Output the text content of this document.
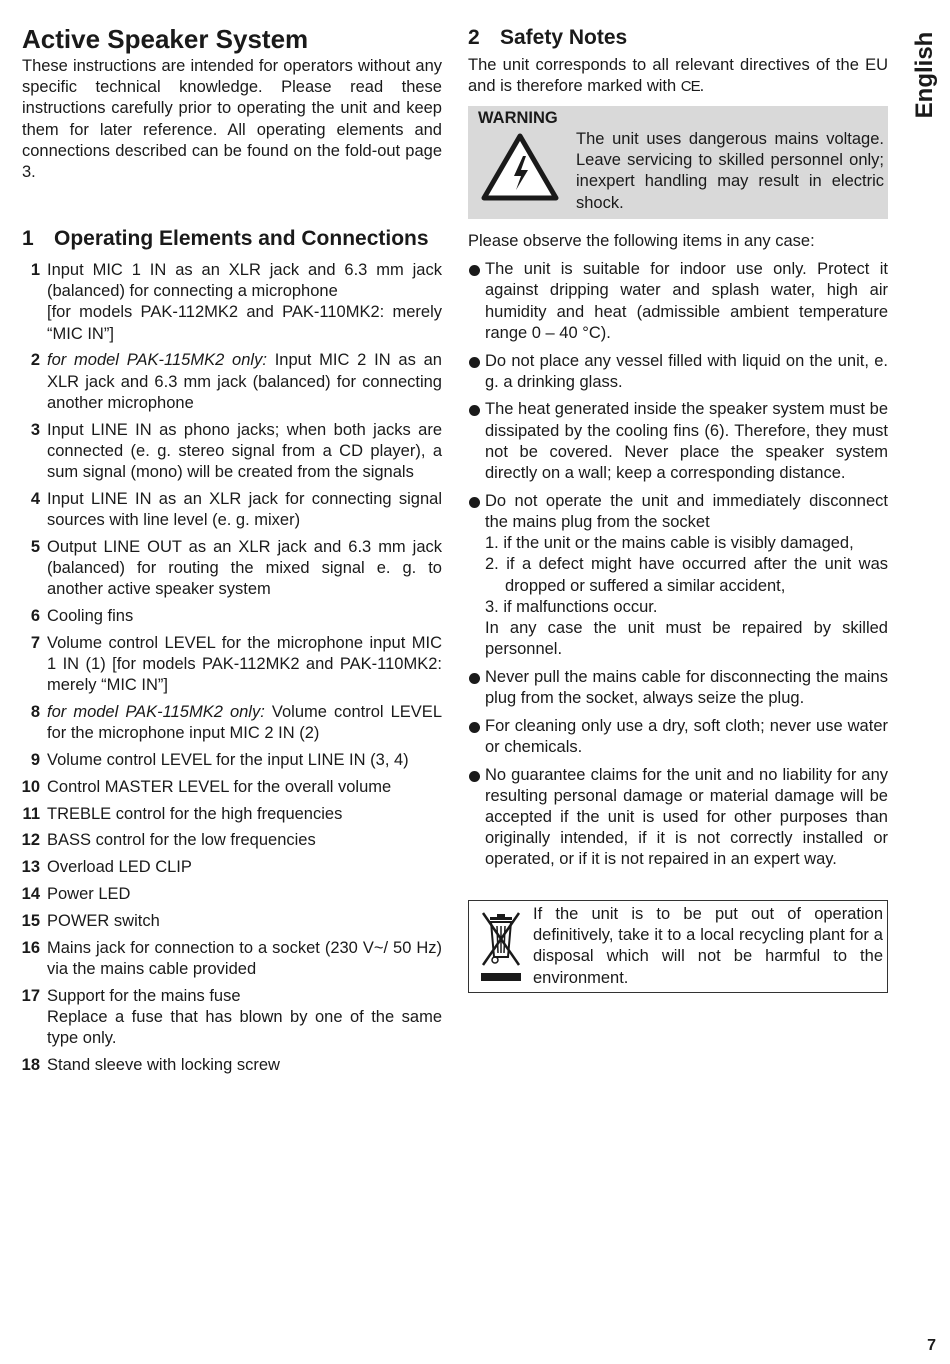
Active Speaker System

These instructions are intended for operators without any specific technical knowledge. Please read these instructions carefully prior to operating the unit and keep them for later reference. All operating elements and connections described can be found on the fold-out page 3.

1 Operating Elements and Connections
1 Input MIC 1 IN as an XLR jack and 6.3 mm jack (balanced) for connecting a microphone
[for models PAK-112MK2 and PAK-110MK2: merely “MIC IN”]
2 for model PAK-115MK2 only: Input MIC 2 IN as an XLR jack and 6.3 mm jack (balanced) for connecting another microphone
3 Input LINE IN as phono jacks; when both jacks are connected (e. g. stereo signal from a CD player), a sum signal (mono) will be created from the signals
4 Input LINE IN as an XLR jack for connecting signal sources with line level (e. g. mixer)
5 Output LINE OUT as an XLR jack and 6.3 mm jack (balanced) for routing the mixed signal e. g. to another active speaker system
6 Cooling fins
7 Volume control LEVEL for the microphone input MIC 1 IN (1) [for models PAK-112MK2 and PAK-110MK2: merely “MIC IN”]
8 for model PAK-115MK2 only: Volume control LEVEL for the microphone input MIC 2 IN (2)
9 Volume control LEVEL for the input LINE IN (3, 4)
10 Control MASTER LEVEL for the overall volume
11 TREBLE control for the high frequencies
12 BASS control for the low frequencies
13 Overload LED CLIP
14 Power LED
15 POWER switch
16 Mains jack for connection to a socket (230 V~/ 50 Hz) via the mains cable provided
17 Support for the mains fuse
Replace a fuse that has blown by one of the same type only.
18 Stand sleeve with locking screw
2 Safety Notes

The unit corresponds to all relevant directives of the EU and is therefore marked with CE.

WARNING
The unit uses dangerous mains voltage. Leave servicing to skilled personnel only; inexpert handling may result in electric shock.

Please observe the following items in any case:

The unit is suitable for indoor use only. Protect it against dripping water and splash water, high air humidity and heat (admissible ambient temperature range 0 – 40 °C).
Do not place any vessel filled with liquid on the unit, e. g. a drinking glass.
The heat generated inside the speaker system must be dissipated by the cooling fins (6). Therefore, they must not be covered. Never place the speaker system directly on a wall; keep a corresponding distance.
Do not operate the unit and immediately disconnect the mains plug from the socket
1. if the unit or the mains cable is visibly damaged,
2. if a defect might have occurred after the unit was dropped or suffered a similar accident,
3. if malfunctions occur.
In any case the unit must be repaired by skilled personnel.
Never pull the mains cable for disconnecting the mains plug from the socket, always seize the plug.
For cleaning only use a dry, soft cloth; never use water or chemicals.
No guarantee claims for the unit and no liability for any resulting personal damage or material damage will be accepted if the unit is used for other purposes than originally intended, if it is not correctly installed or operated, or if it is not repaired in an expert way.
If the unit is to be put out of operation definitively, take it to a local recycling plant for a disposal which will not be harmful to the environment.
English
7
